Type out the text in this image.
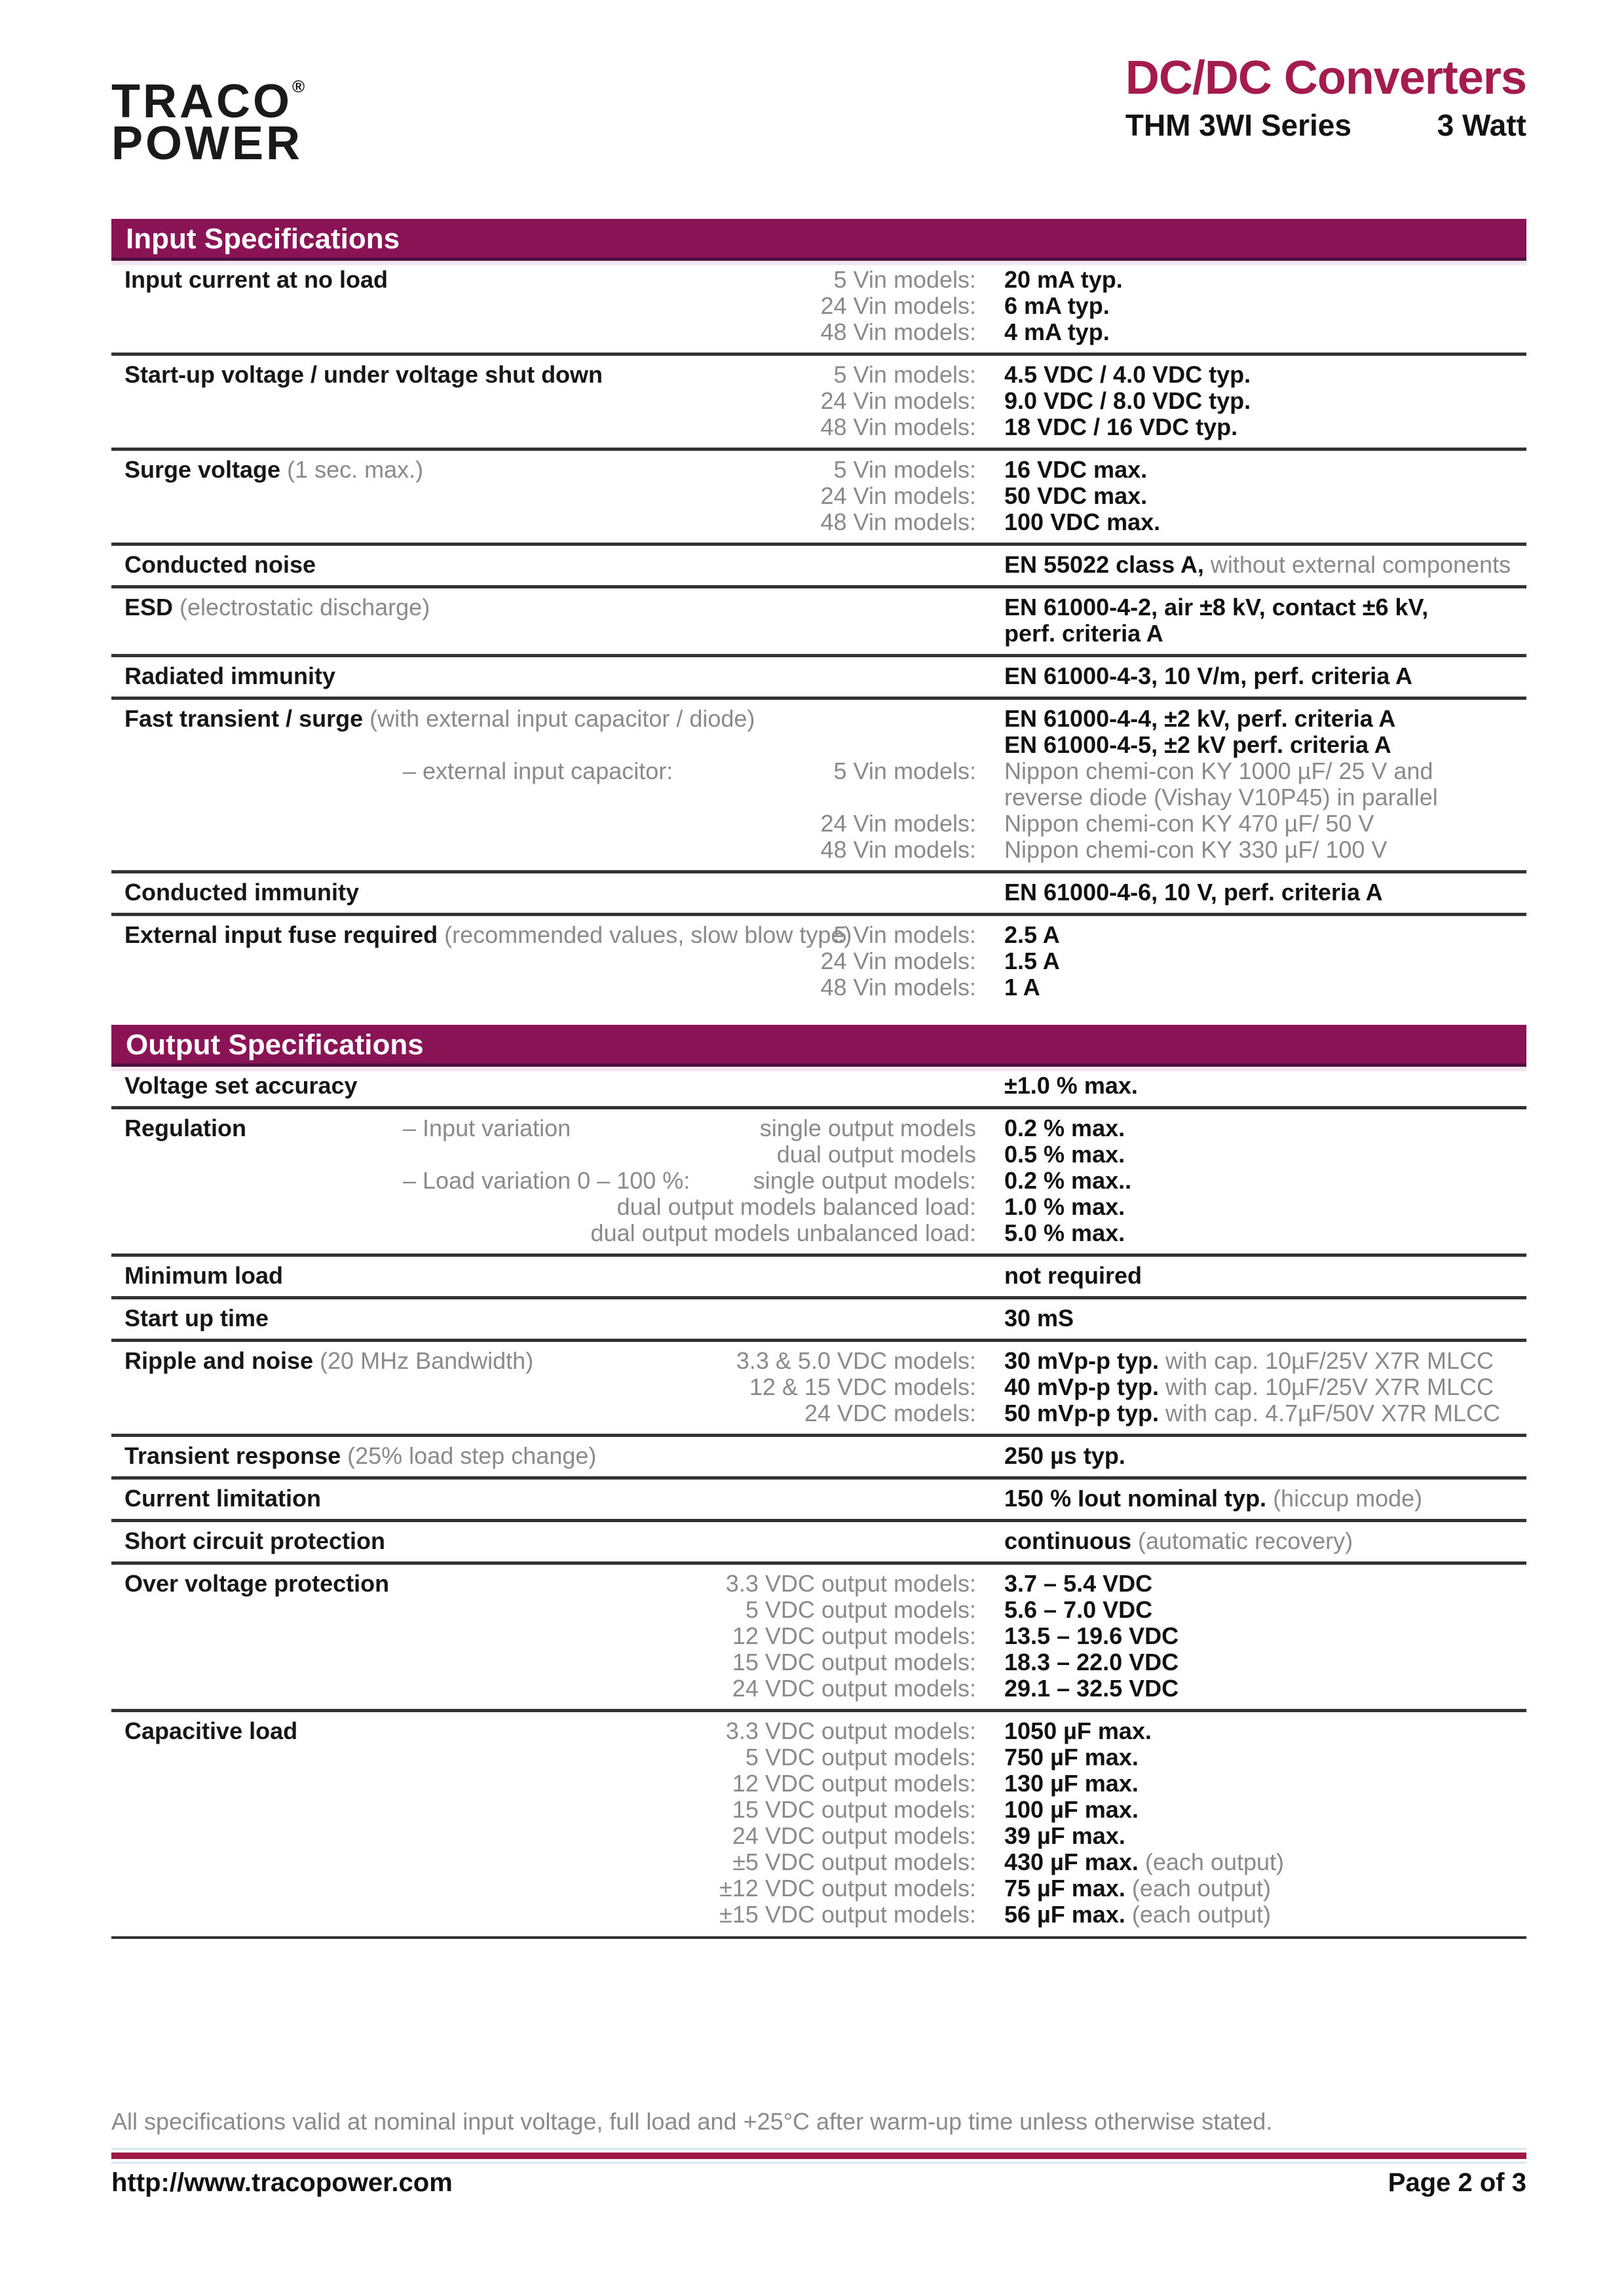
TRACO®
POWER
DC/DC Converters
THM 3WI Series	3 Watt
Input Specifications
Input current at no load	5 Vin models: 20 mA typ.
24 Vin models: 6 mA typ.
48 Vin models: 4 mA typ.
Start-up voltage / under voltage shut down	5 Vin models: 4.5 VDC / 4.0 VDC typ.
24 Vin models: 9.0 VDC / 8.0 VDC typ.
48 Vin models: 18 VDC / 16 VDC typ.
Surge voltage (1 sec. max.)	5 Vin models: 16 VDC max.
24 Vin models: 50 VDC max.
48 Vin models: 100 VDC max.
Conducted noise	EN 55022 class A, without external components
ESD (electrostatic discharge)	EN 61000-4-2, air ±8 kV, contact ±6 kV,
perf. criteria A
Radiated immunity	EN 61000-4-3, 10 V/m, perf. criteria A
Fast transient / surge (with external input capacitor / diode)	EN 61000-4-4, ±2 kV, perf. criteria A
EN 61000-4-5, ±2 kV perf. criteria A
– external input capacitor:	5 Vin models: Nippon chemi-con KY 1000 µF/ 25 V and
reverse diode (Vishay V10P45) in parallel
24 Vin models: Nippon chemi-con KY 470 µF/ 50 V
48 Vin models: Nippon chemi-con KY 330 µF/ 100 V
Conducted immunity	EN 61000-4-6, 10 V, perf. criteria A
External input fuse required (recommended values, slow blow type)
5 Vin models: 2.5 A
24 Vin models: 1.5 A
48 Vin models: 1 A
Output Specifications
Voltage set accuracy	±1.0 % max.
Regulation	– Input variation	single output models 0.2 % max.
dual output models 0.5 % max.
– Load variation 0 – 100 %:	single output models: 0.2 % max..
dual output models balanced load: 1.0 % max.
dual output models unbalanced load: 5.0 % max.
Minimum load	not required
Start up time	30 mS
Ripple and noise (20 MHz Bandwidth)	3.3 & 5.0 VDC models: 30 mVp-p typ. with cap. 10µF/25V X7R MLCC
12 & 15 VDC models: 40 mVp-p typ. with cap. 10µF/25V X7R MLCC
24 VDC models: 50 mVp-p typ. with cap. 4.7µF/50V X7R MLCC
Transient response (25% load step change)	250 µs typ.
Current limitation	150 % Iout nominal typ. (hiccup mode)
Short circuit protection	continuous (automatic recovery)
Over voltage protection	3.3 VDC output models: 3.7 – 5.4 VDC
5 VDC output models: 5.6 – 7.0 VDC
12 VDC output models: 13.5 – 19.6 VDC
15 VDC output models: 18.3 – 22.0 VDC
24 VDC output models: 29.1 – 32.5 VDC
Capacitive load	3.3 VDC output models: 1050 µF max.
5 VDC output models: 750 µF max.
12 VDC output models: 130 µF max.
15 VDC output models: 100 µF max.
24 VDC output models: 39 µF max.
±5 VDC output models: 430 µF max. (each output)
±12 VDC output models: 75 µF max. (each output)
±15 VDC output models: 56 µF max. (each output)
All specifications valid at nominal input voltage, full load and +25°C after warm-up time unless otherwise stated.
http://www.tracopower.com	Page 2 of 3
